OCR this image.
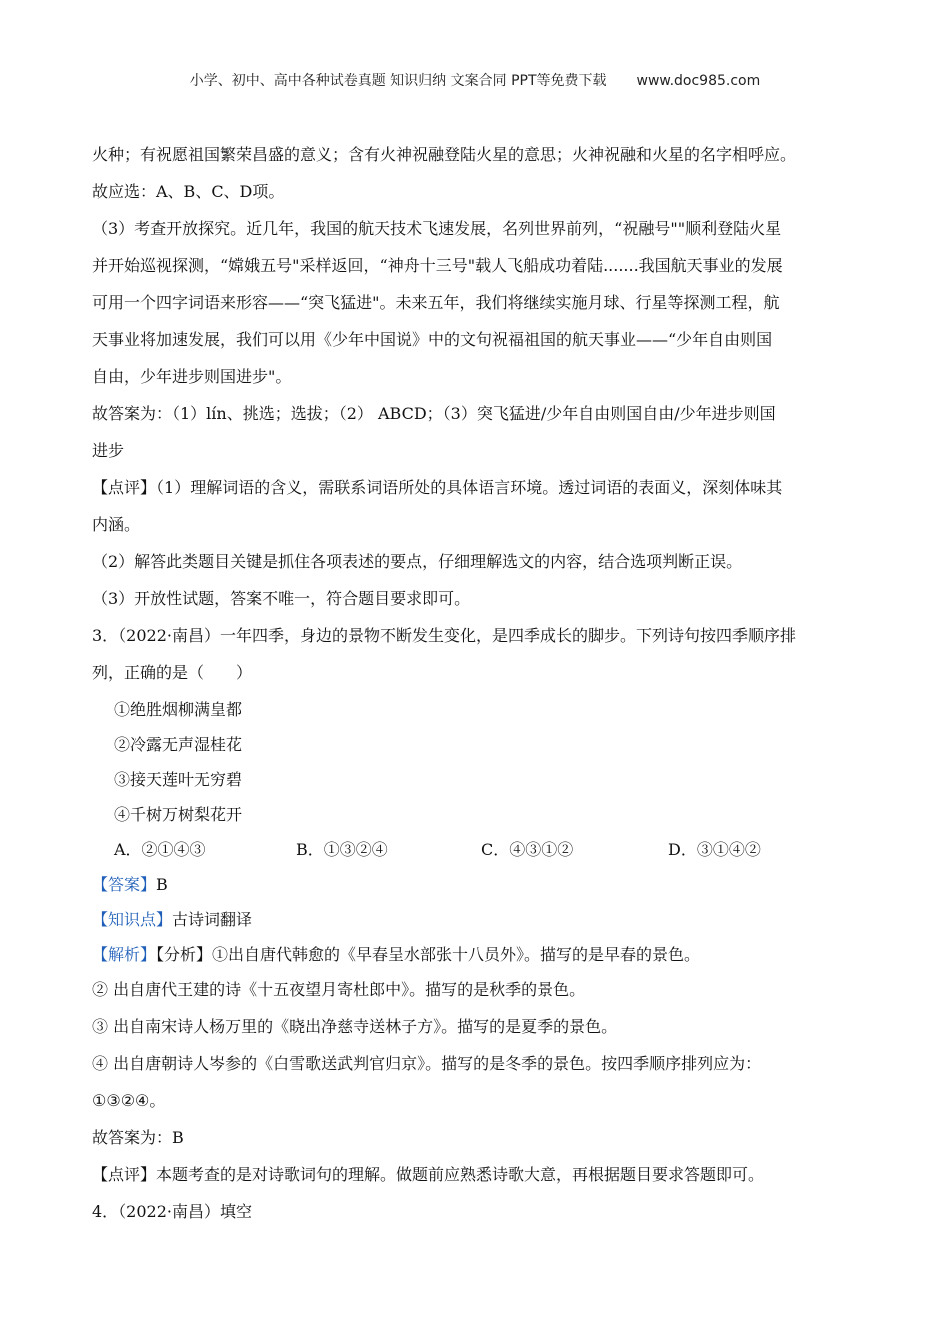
小学、初中、高中各种试卷真题 知识归纳 文案合同 PPT等免费下载 www.doc985.com
火种；有祝愿祖国繁荣昌盛的意义；含有火神祝融登陆火星的意思；火神祝融和火星的名字相呼应。
故应选：A、B、C、D项。
（3）考查开放探究。近几年，我国的航天技术飞速发展，名列世界前列，“祝融号""顺利登陆火星
并开始巡视探测，“嫦娥五号"采样返回，“神舟十三号"载人飞船成功着陆.......我国航天事业的发展
可用一个四字词语来形容——“突飞猛进"。未来五年，我们将继续实施月球、行星等探测工程，航
天事业将加速发展，我们可以用《少年中国说》中的文句祝福祖国的航天事业——“少年自由则国
自由，少年进步则国进步"。
故答案为：（1）lín、挑选；选拔；（2） ABCD；（3）突飞猛进/少年自由则国自由/少年进步则国
进步
【点评】（1）理解词语的含义，需联系词语所处的具体语言环境。透过词语的表面义，深刻体味其
内涵。
（2）解答此类题目关键是抓住各项表述的要点，仔细理解选文的内容，结合选项判断正误。
（3）开放性试题，答案不唯一，符合题目要求即可。
3．（2022·南昌）一年四季，身边的景物不断发生变化，是四季成长的脚步。下列诗句按四季顺序排
列，正确的是（　　）
①绝胜烟柳满皇都
②冷露无声湿桂花
③接天莲叶无穷碧
④千树万树梨花开
A．②①④③	B．①③②④	C．④③①②	D．③①④②
【答案】B
【知识点】古诗词翻译
【解析】【分析】①出自唐代韩愈的《早春呈水部张十八员外》。描写的是早春的景色。
② 出自唐代王建的诗《十五夜望月寄杜郎中》。描写的是秋季的景色。
③ 出自南宋诗人杨万里的《晓出净慈寺送林子方》。描写的是夏季的景色。
④ 出自唐朝诗人岑参的《白雪歌送武判官归京》。描写的是冬季的景色。按四季顺序排列应为：
①③②④。
故答案为：B
【点评】本题考查的是对诗歌词句的理解。做题前应熟悉诗歌大意，再根据题目要求答题即可。
4．（2022·南昌）填空
